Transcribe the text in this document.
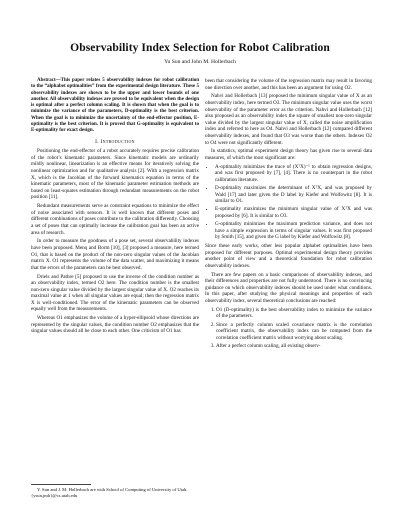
Observability Index Selection for Robot Calibration
Yu Sun and John M. Hollerbach

Abstract—This paper relates 5 observability indexes for robot calibration to the “alphabet optimalities” from the experimental design literature. These 5 observability indexes are shown to be the upper and lower bounds of one another. All observability indexes are proved to be equivalent when the design is optimal after a perfect column scaling. It is shown that when the goal is to minimize the variance of the parameters, D-optimality is the best criterion. When the goal is to minimize the uncertainty of the end-effector position, E-optimality is the best criterion. It is proved that G-optimality is equivalent to E-optimality for exact design.

I. Introduction

Positioning the end-effector of a robot accurately requires precise calibration of the robot’s kinematic parameters. Since kinematic models are ordinarily mildly nonlinear, linearization is an effective means for iteratively solving the nonlinear optimization and for qualitative analysis [2]. With a regression matrix X, which is the Jacobian of the forward kinematics equation in terms of the kinematic parameters, most of the kinematic parameter estimation methods are based on least-squares estimation through redundant measurements on the robot position [11].

Redundant measurements serve as constraint equations to minimize the effect of noise associated with sensors. It is well known that different poses and different combinations of poses contribute to the calibration differently. Choosing a set of poses that can optimally increase the calibration goal has been an active area of research.

In order to measure the goodness of a pose set, several observability indexes have been proposed. Menq and Borm [10], [3] proposed a measure, here termed O1, that is based on the product of the non-zero singular values of the Jacobian matrix X. O1 represents the volume of the data scatter, and maximizing it means that the errors of the parameters can be best observed.

Driels and Pathre [5] proposed to use the inverse of the condition number as an observability index, termed O2 here. The condition number is the smallest non-zero singular value divided by the largest singular value of X. O2 reaches its maximal value at 1 when all singular values are equal; then the regression matrix X is well-conditioned. The error of the kinematic parameters can be observed equally well from the measurements.

Whereas O1 emphasizes the volume of a hyper-ellipsoid whose directions are represented by the singular values, the condition number O2 emphasizes that the singular values should all be close to each other. One criticism of O1 has

Y. Sun and J. M. Hollerbach are with School of Computing of University of Utah. {ysun,jmh}@cs.utah.edu

been that considering the volume of the regression matrix may result in favoring one direction over another, and this has been an argument for using O2.

Nahvi and Hollerbach [13] proposed the minimum singular value of X as an observability index, here termed O3. The minimum singular value uses the worst observability of the parameter error as the criterion. Nahvi and Hollerbach [12] also proposed as an observability index the square of smallest non-zero singular value divided by the largest singular value of X, called the noise amplification index and referred to here as O4. Nahvi and Hollerbach [12] compared different observability indexes, and found that O3 was worse than the others. Indexes O2 to O4 were not significantly different.

In statistics, optimal experiment design theory has given rise to several data measures, of which the most significant are:

• A-optimality minimizes the trace of (XᵀX)⁻¹ to obtain regression designs, and was first proposed by [7], [4]. There is no counterpart in the robot calibration literature.
• D-optimality maximizes the determinant of XᵀX, and was proposed by Wald [17] and later given the D label by Kiefer and Wolfowitz [8]. It is similar to O1.
• E-optimality maximizes the minimum singular value of XᵀX and was proposed by [6]. It is similar to O3.
• G-optimality minimizes the maximum prediction variance, and does not have a simple expression in terms of singular values. It was first proposed by Smith [15], and given the G label by Kiefer and Wolfowitz [8].

Since these early works, other less popular alphabet optimalities have been proposed for different purposes. Optimal experimental design theory provides another point of view and a theoretical foundation for robot calibration observability indexes.

There are few papers on a basic comparisons of observability indexes, and their differences and properties are not fully understood. There is no convincing guidance on which observability indexes should be used under what conditions. In this paper, after studying the physical meanings and properties of each observability index, several theoretical conclusions are reached:

1. O1 (D-optimality) is the best observability index to minimize the variance of the parameters.
2. Since a perfectly column scaled covariance matrix is the correlation coefficient matrix, the observability index can be computed from the correlation coefficient matrix without worrying about scaling.
3. After a perfect column scaling, all existing observ-
